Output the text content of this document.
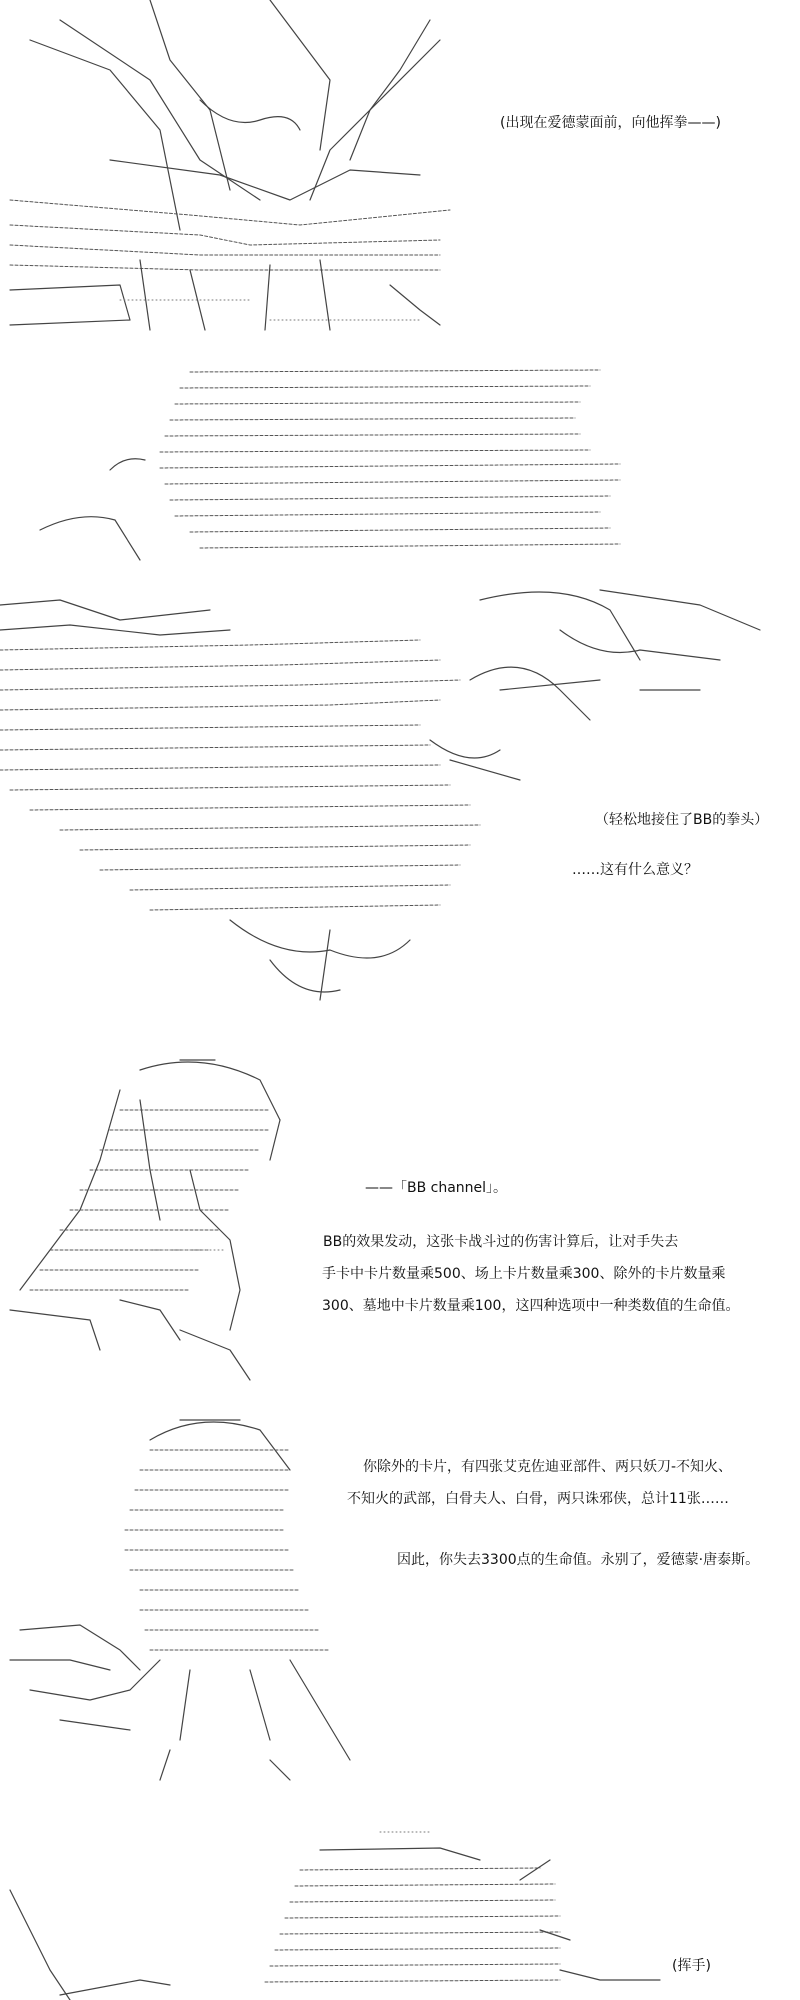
(出现在爱德蒙面前，向他挥拳——)
（轻松地接住了BB的拳头）
……这有什么意义？
——「BB channel」。
BB的效果发动，这张卡战斗过的伤害计算后，让对手失去
手卡中卡片数量乘500、场上卡片数量乘300、除外的卡片数量乘
300、墓地中卡片数量乘100，这四种选项中一种类数值的生命值。
你除外的卡片，有四张艾克佐迪亚部件、两只妖刀-不知火、
不知火的武部，白骨夫人、白骨，两只诛邪侠，总计11张……
因此，你失去3300点的生命值。永别了，爱德蒙·唐泰斯。
(挥手)
